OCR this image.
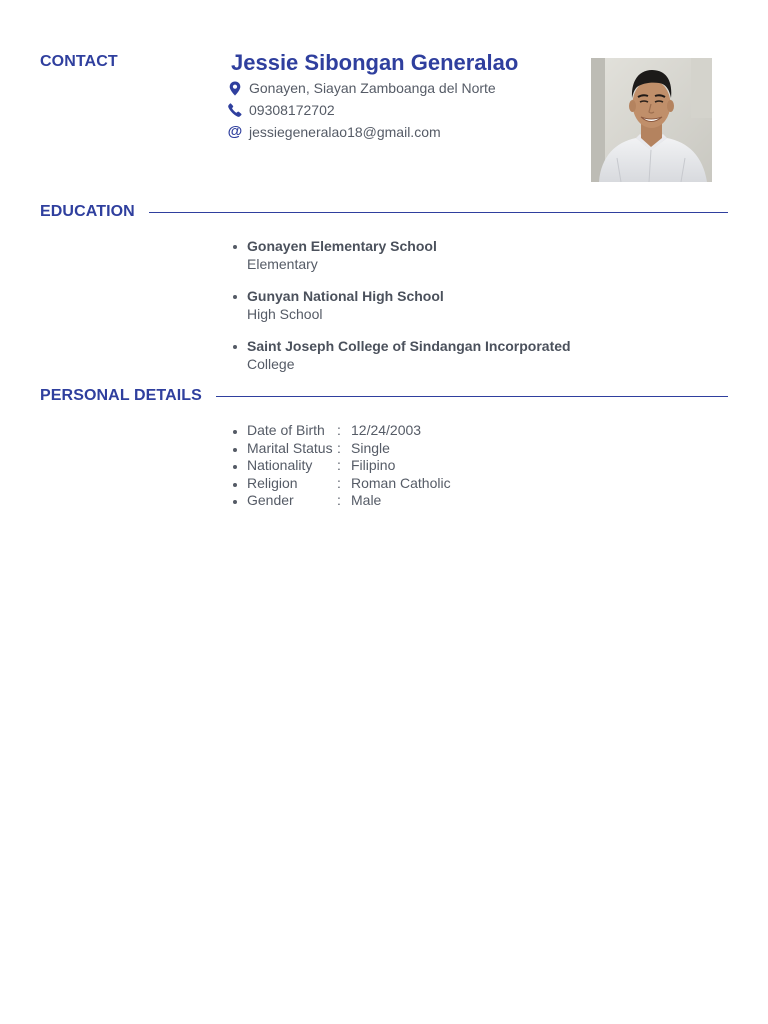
CONTACT	Jessie Sibongan Generalao
Gonayen, Siayan Zamboanga del Norte
09308172702
@ jessiegeneralao18@gmail.com
EDUCATION
Gonayen Elementary School
Elementary
Gunyan National High School
High School
Saint Joseph College of Sindangan Incorporated
College
PERSONAL DETAILS
Date of Birth : 12/24/2003
Marital Status : Single
Nationality : Filipino
Religion	: Roman Catholic
Gender	: Male
